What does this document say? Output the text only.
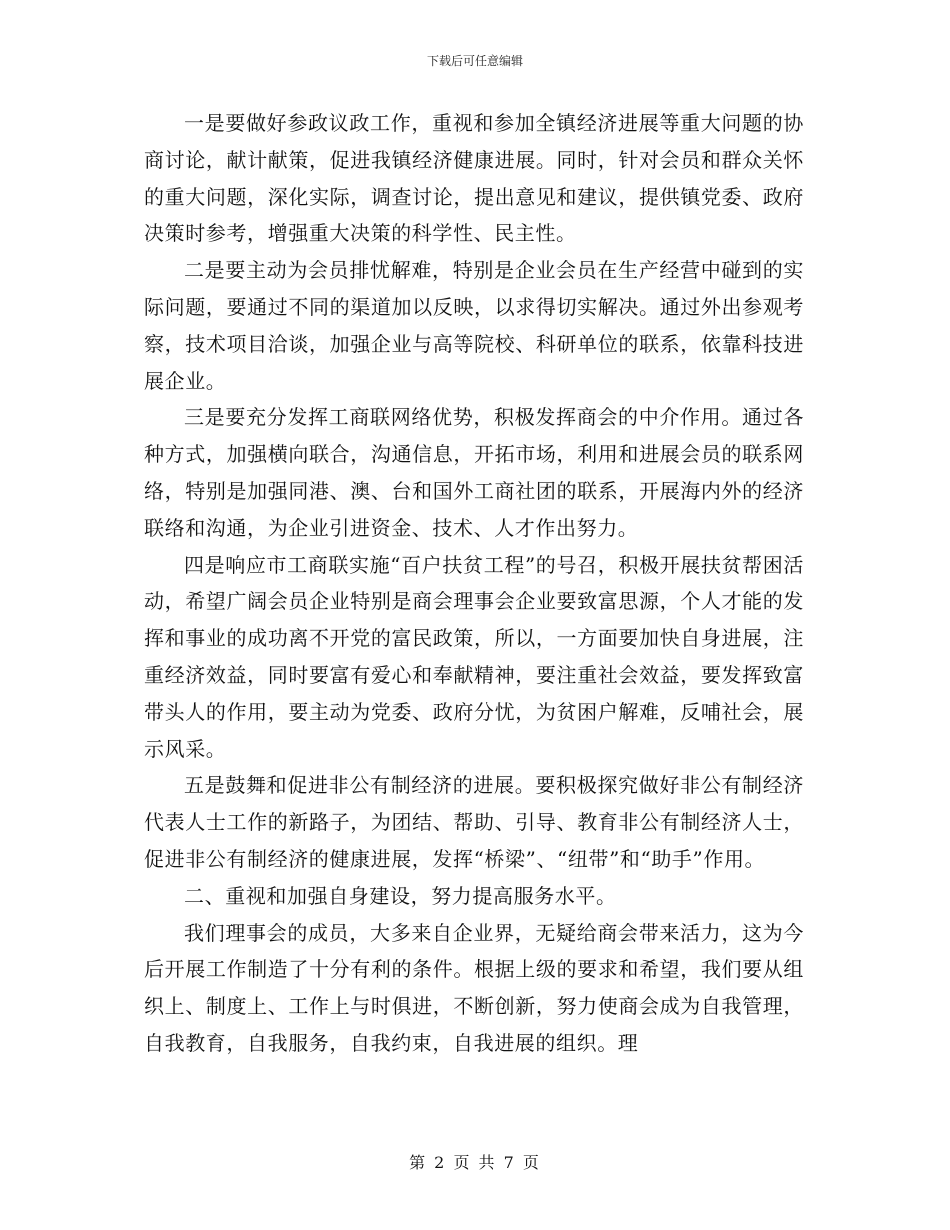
下载后可任意编辑

一是要做好参政议政工作，重视和参加全镇经济进展等重大问题的协商讨论，献计献策，促进我镇经济健康进展。同时，针对会员和群众关怀的重大问题，深化实际，调查讨论，提出意见和建议，提供镇党委、政府决策时参考，增强重大决策的科学性、民主性。

二是要主动为会员排忧解难，特别是企业会员在生产经营中碰到的实际问题，要通过不同的渠道加以反映，以求得切实解决。通过外出参观考察，技术项目洽谈，加强企业与高等院校、科研单位的联系，依靠科技进展企业。

三是要充分发挥工商联网络优势，积极发挥商会的中介作用。通过各种方式，加强横向联合，沟通信息，开拓市场，利用和进展会员的联系网络，特别是加强同港、澳、台和国外工商社团的联系，开展海内外的经济联络和沟通，为企业引进资金、技术、人才作出努力。

四是响应市工商联实施“百户扶贫工程”的号召，积极开展扶贫帮困活动，希望广阔会员企业特别是商会理事会企业要致富思源，个人才能的发挥和事业的成功离不开党的富民政策，所以，一方面要加快自身进展，注重经济效益，同时要富有爱心和奉献精神，要注重社会效益，要发挥致富带头人的作用，要主动为党委、政府分忧，为贫困户解难，反哺社会，展示风采。

五是鼓舞和促进非公有制经济的进展。要积极探究做好非公有制经济代表人士工作的新路子，为团结、帮助、引导、教育非公有制经济人士，促进非公有制经济的健康进展，发挥“桥梁”、“纽带”和“助手”作用。

二、重视和加强自身建设，努力提高服务水平。

我们理事会的成员，大多来自企业界，无疑给商会带来活力，这为今后开展工作制造了十分有利的条件。根据上级的要求和希望，我们要从组织上、制度上、工作上与时俱进，不断创新，努力使商会成为自我管理，自我教育，自我服务，自我约束，自我进展的组织。理

第 2 页 共 7 页
